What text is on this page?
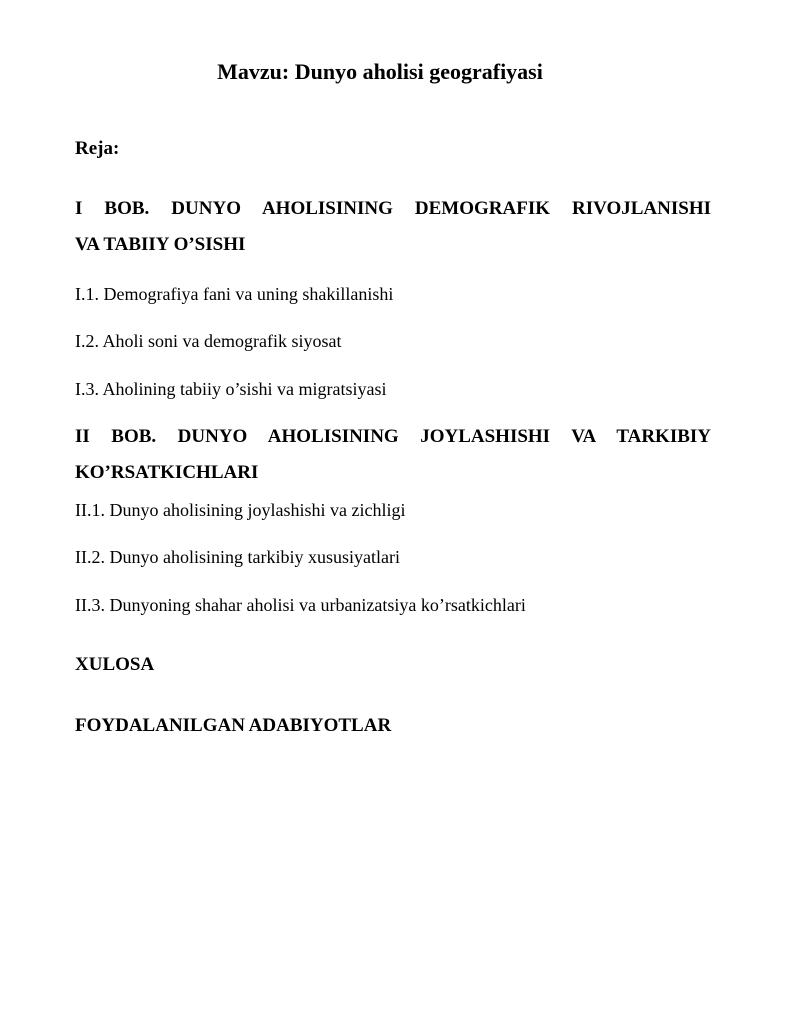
Mavzu: Dunyo aholisi geografiyasi
Reja:
I BOB. DUNYO AHOLISINING DEMOGRAFIK RIVOJLANISHI
VA TABIIY O’SISHI
I.1. Demografiya fani va uning shakillanishi
I.2. Aholi soni va demografik siyosat
I.3. Aholining tabiiy o’sishi va migratsiyasi
II BOB. DUNYO AHOLISINING JOYLASHISHI VA TARKIBIY
KO’RSATKICHLARI
II.1. Dunyo aholisining joylashishi va zichligi
II.2. Dunyo aholisining tarkibiy xususiyatlari
II.3. Dunyoning shahar aholisi va urbanizatsiya ko’rsatkichlari
XULOSA
FOYDALANILGAN ADABIYOTLAR
